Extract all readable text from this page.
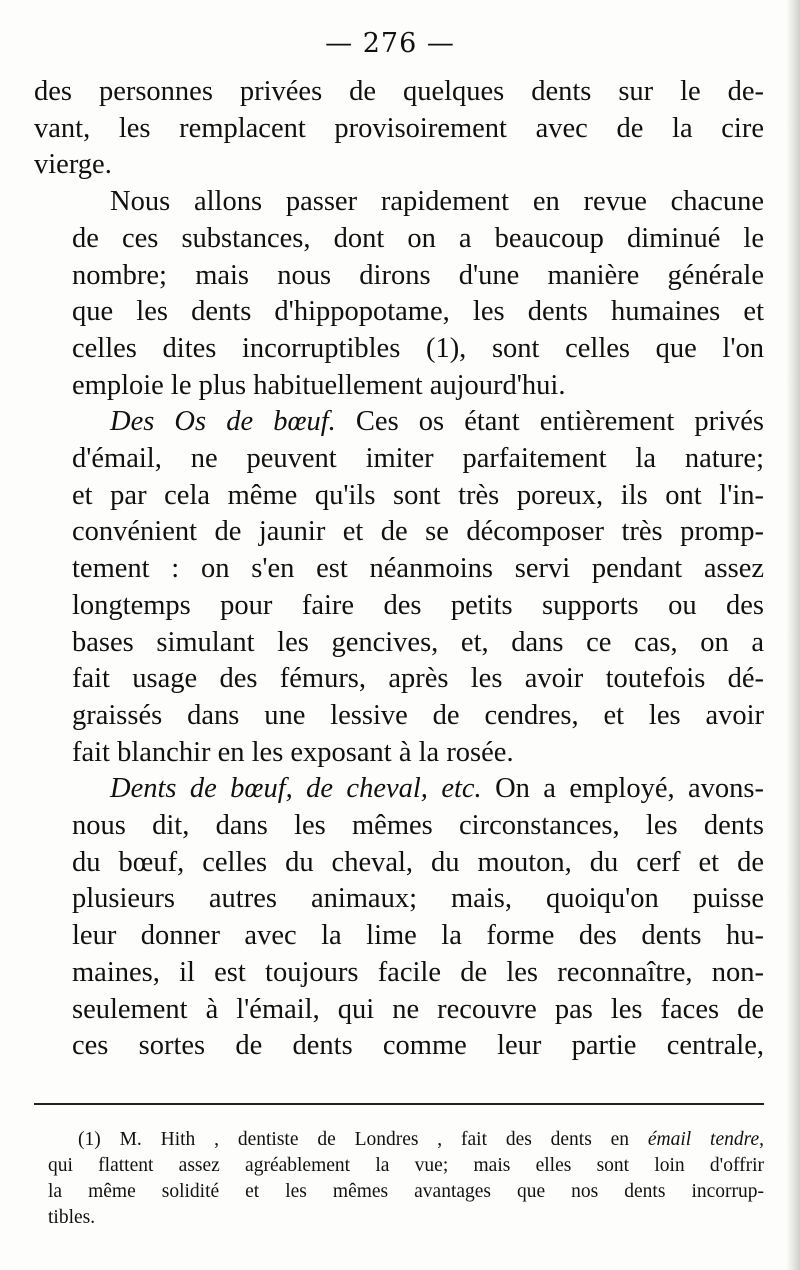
— 276 —
des personnes privées de quelques dents sur le de-
vant, les remplacent provisoirement avec de la cire
vierge.
Nous allons passer rapidement en revue chacune
de ces substances, dont on a beaucoup diminué le
nombre; mais nous dirons d'une manière générale
que les dents d'hippopotame, les dents humaines et
celles dites incorruptibles (1), sont celles que l'on
emploie le plus habituellement aujourd'hui.
Des Os de bœuf. Ces os étant entièrement privés
d'émail, ne peuvent imiter parfaitement la nature;
et par cela même qu'ils sont très poreux, ils ont l'in-
convénient de jaunir et de se décomposer très promp-
tement : on s'en est néanmoins servi pendant assez
longtemps pour faire des petits supports ou des
bases simulant les gencives, et, dans ce cas, on a
fait usage des fémurs, après les avoir toutefois dé-
graissés dans une lessive de cendres, et les avoir
fait blanchir en les exposant à la rosée.
Dents de bœuf, de cheval, etc. On a employé, avons-
nous dit, dans les mêmes circonstances, les dents
du bœuf, celles du cheval, du mouton, du cerf et de
plusieurs autres animaux; mais, quoiqu'on puisse
leur donner avec la lime la forme des dents hu-
maines, il est toujours facile de les reconnaître, non-
seulement à l'émail, qui ne recouvre pas les faces de
ces sortes de dents comme leur partie centrale,
(1) M. Hith , dentiste de Londres , fait des dents en émail tendre,
qui flattent assez agréablement la vue; mais elles sont loin d'offrir
la même solidité et les mêmes avantages que nos dents incorrup-
tibles.
